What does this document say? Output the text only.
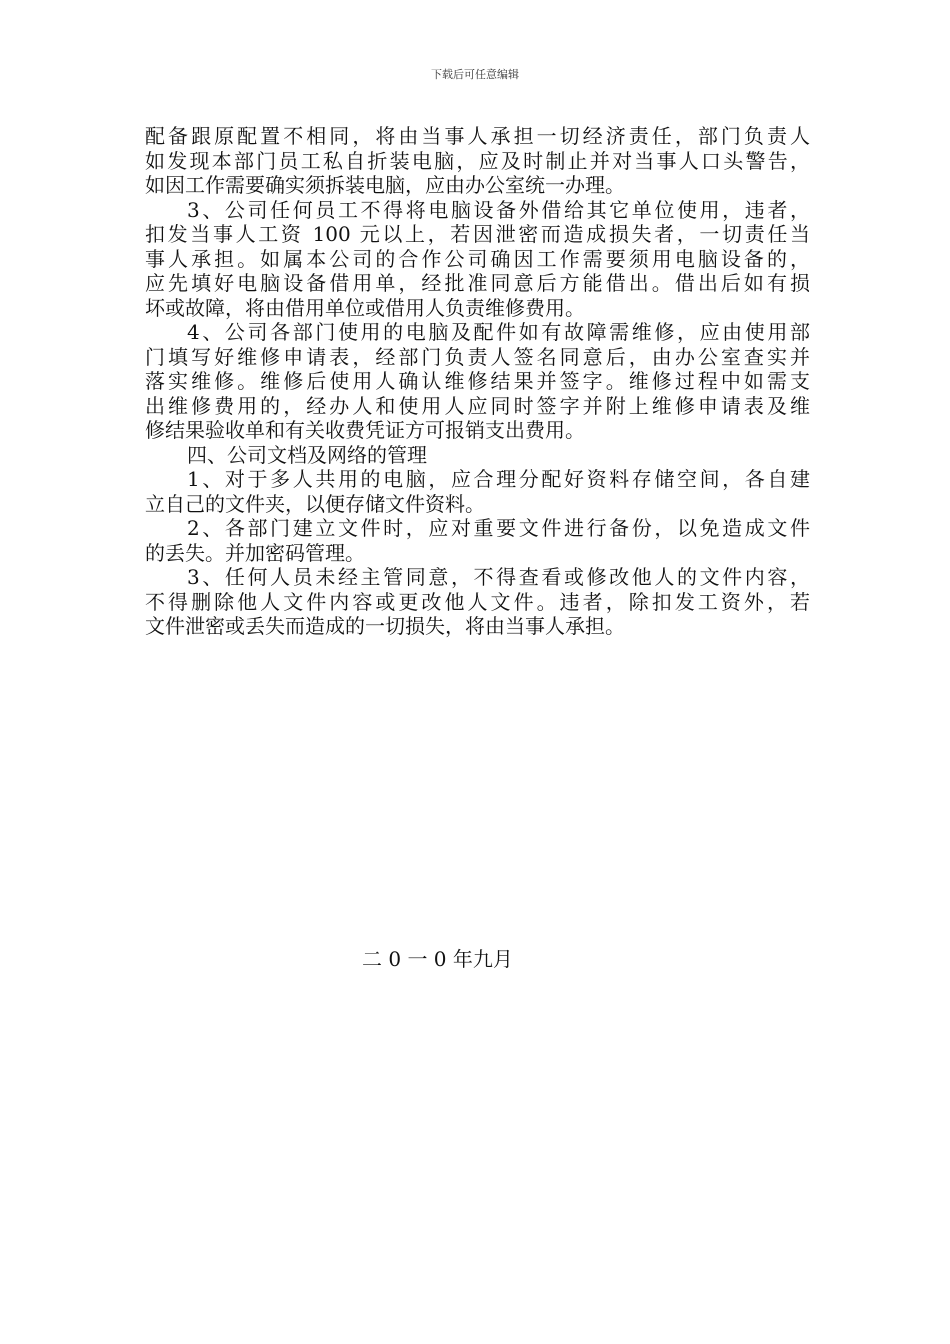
下载后可任意编辑
配备跟原配置不相同，将由当事人承担一切经济责任，部门负责人
如发现本部门员工私自折装电脑，应及时制止并对当事人口头警告，
如因工作需要确实须拆装电脑，应由办公室统一办理。
3、公司任何员工不得将电脑设备外借给其它单位使用，违者，
扣发当事人工资 100 元以上，若因泄密而造成损失者，一切责任当
事人承担。如属本公司的合作公司确因工作需要须用电脑设备的，
应先填好电脑设备借用单，经批准同意后方能借出。借出后如有损
坏或故障，将由借用单位或借用人负责维修费用。
4、公司各部门使用的电脑及配件如有故障需维修，应由使用部
门填写好维修申请表，经部门负责人签名同意后，由办公室查实并
落实维修。维修后使用人确认维修结果并签字。维修过程中如需支
出维修费用的，经办人和使用人应同时签字并附上维修申请表及维
修结果验收单和有关收费凭证方可报销支出费用。
四、公司文档及网络的管理
1、对于多人共用的电脑，应合理分配好资料存储空间，各自建
立自己的文件夹，以便存储文件资料。
2、各部门建立文件时，应对重要文件进行备份，以免造成文件
的丢失。并加密码管理。
3、任何人员未经主管同意，不得查看或修改他人的文件内容，
不得删除他人文件内容或更改他人文件。违者，除扣发工资外，若
文件泄密或丢失而造成的一切损失，将由当事人承担。
二 0 一 0 年九月
